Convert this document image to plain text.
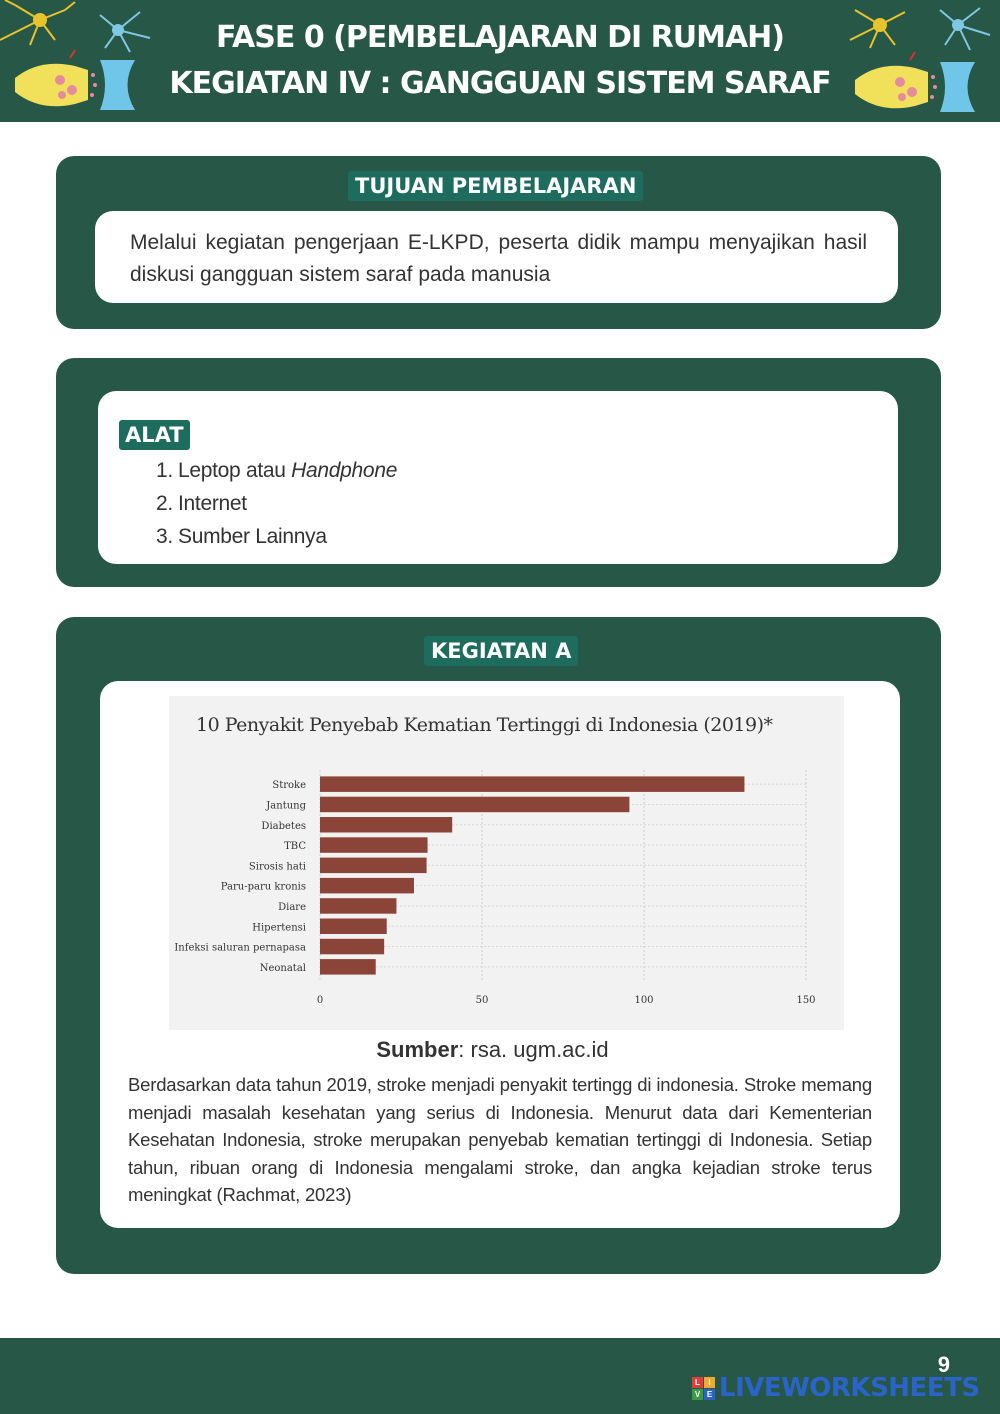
FASE 0 (PEMBELAJARAN DI RUMAH)
KEGIATAN IV : GANGGUAN SISTEM SARAF
TUJUAN PEMBELAJARAN

Melalui kegiatan pengerjaan E-LKPD, peserta didik mampu menyajikan hasil diskusi gangguan sistem saraf pada manusia

ALAT
1. Leptop atau Handphone
2. Internet
3. Sumber Lainnya
KEGIATAN A
Stroke
Jantung
Diabetes
TBC
Sirosis hati
Paru-paru kronis
Diare
Hipertensi
Infeksi saluran pernapasa
Neonatal
0	50	100	150
10 Penyakit Penyebab Kematian Tertinggi di Indonesia (2019)*
Sumber: rsa. ugm.ac.id

Berdasarkan data tahun 2019, stroke menjadi penyakit tertingg di indonesia. Stroke memang menjadi masalah kesehatan yang serius di Indonesia. Menurut data dari Kementerian Kesehatan Indonesia, stroke merupakan penyebab kematian tertinggi di Indonesia. Setiap tahun, ribuan orang di Indonesia mengalami stroke, dan angka kejadian stroke terus meningkat (Rachmat, 2023)

9
L	I
V E LIVEWORKSHEETS
